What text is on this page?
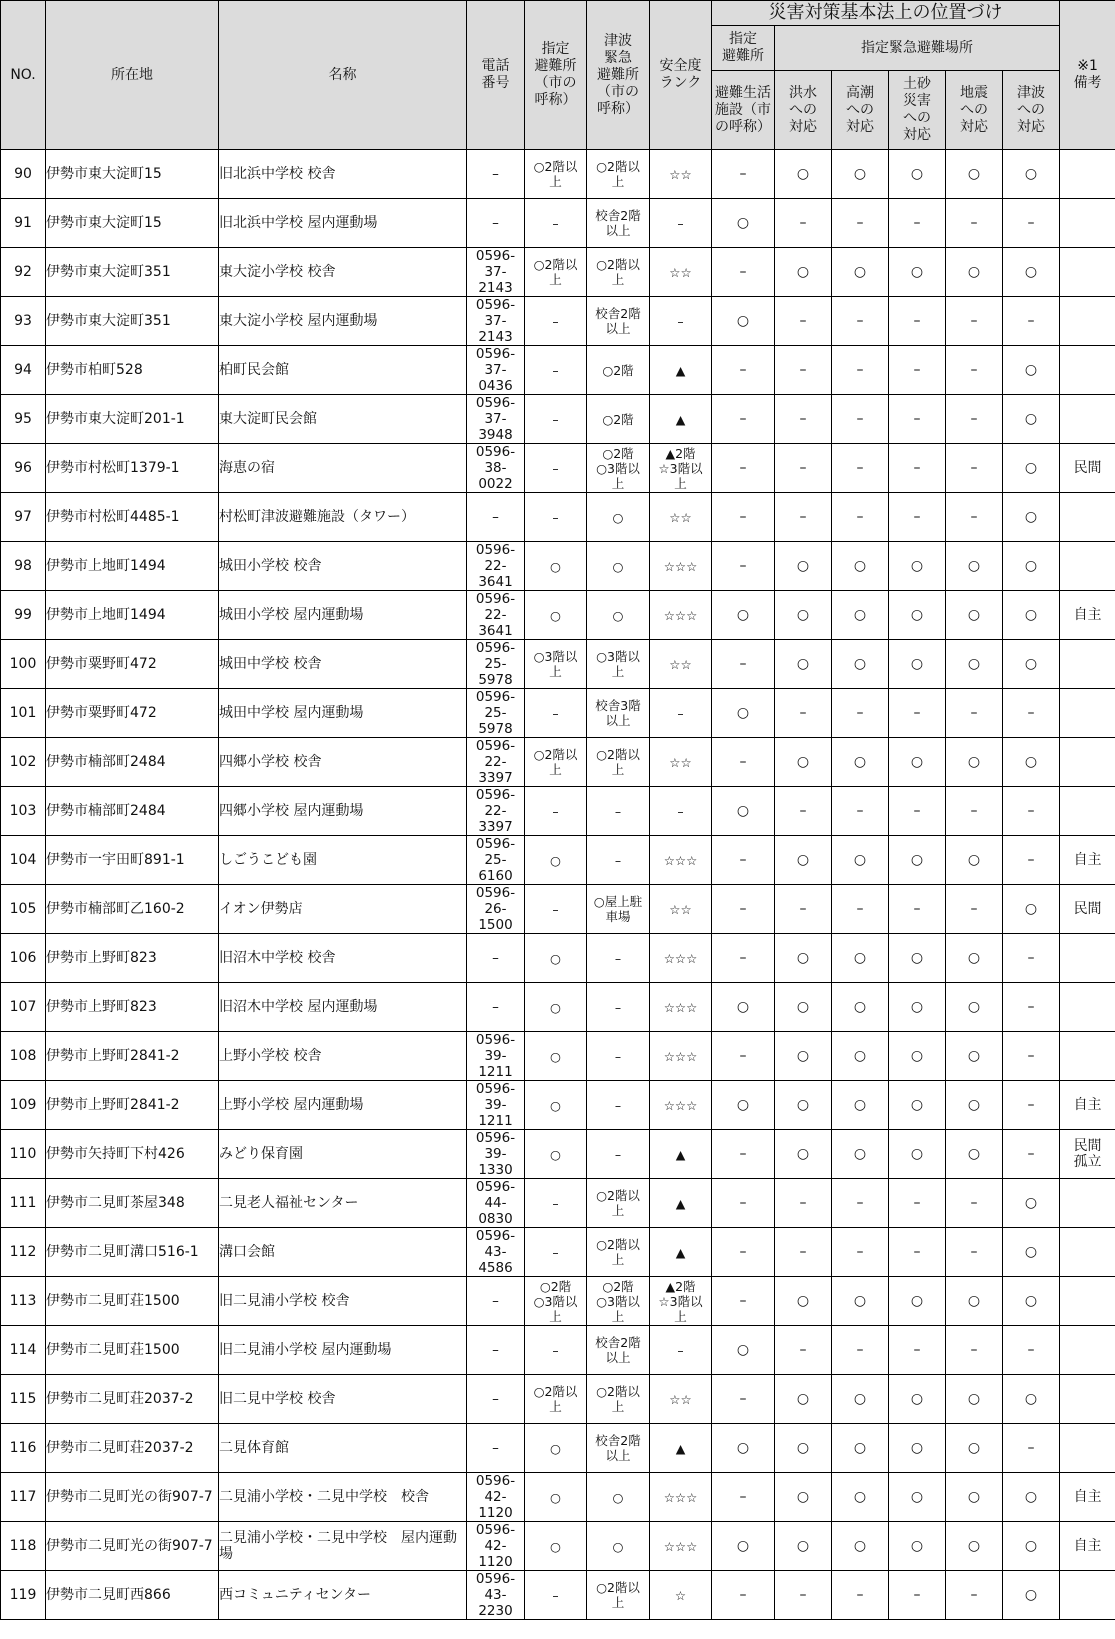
NO.	所在地	名称	電話
番号	指定
避難所
（市の
呼称）	津波
緊急
避難所
（市の
呼称）	安全度
ランク	災害対策基本法上の位置づけ						※1
備考

							指定
避難所	指定緊急避難場所					

							避難生活
施設（市
の呼称）	洪水
への
対応	高潮
への
対応	土砂
災害
への
対応	地震
への
対応	津波
への
対応	

90	伊勢市東大淀町15	旧北浜中学校 校舎	–	○2階以
上	○2階以
上	☆☆	–	○	○	○	○	○	
91	伊勢市東大淀町15	旧北浜中学校 屋内運動場	–	–	校舎2階
以上	–	○	–	–	–	–	–	
92	伊勢市東大淀町351	東大淀小学校 校舎	0596-
37-
2143	○2階以
上	○2階以
上	☆☆	–	○	○	○	○	○	
93	伊勢市東大淀町351	東大淀小学校 屋内運動場	0596-
37-
2143	–	校舎2階
以上	–	○	–	–	–	–	–	
94	伊勢市柏町528	柏町民会館	0596-
37-
0436	–	○2階	▲	–	–	–	–	–	○	
95	伊勢市東大淀町201-1	東大淀町民会館	0596-
37-
3948	–	○2階	▲	–	–	–	–	–	○	
96	伊勢市村松町1379-1	海恵の宿	0596-
38-
0022	–	○2階
○3階以
上	▲2階
☆3階以
上	–	–	–	–	–	○	民間

97	伊勢市村松町4485-1	村松町津波避難施設（タワー）	–	–	○	☆☆	–	–	–	–	–	○	
98	伊勢市上地町1494	城田小学校 校舎	0596-
22-
3641	○	○	☆☆☆	–	○	○	○	○	○	
99	伊勢市上地町1494	城田小学校 屋内運動場	0596-
22-
3641	○	○	☆☆☆	○	○	○	○	○	○	自主

100	伊勢市粟野町472	城田中学校 校舎	0596-
25-
5978	○3階以
上	○3階以
上	☆☆	–	○	○	○	○	○	
101	伊勢市粟野町472	城田中学校 屋内運動場	0596-
25-
5978	–	校舎3階
以上	–	○	–	–	–	–	–	
102	伊勢市楠部町2484	四郷小学校 校舎	0596-
22-
3397	○2階以
上	○2階以
上	☆☆	–	○	○	○	○	○	
103	伊勢市楠部町2484	四郷小学校 屋内運動場	0596-
22-
3397	–	–	–	○	–	–	–	–	–	
104	伊勢市一宇田町891-1	しごうこども園	0596-
25-
6160	○	–	☆☆☆	–	○	○	○	○	–	自主

105	伊勢市楠部町乙160-2	イオン伊勢店	0596-
26-
1500	–	○屋上駐
車場	☆☆	–	–	–	–	–	○	民間

106	伊勢市上野町823	旧沼木中学校 校舎	–	○	–	☆☆☆	–	○	○	○	○	–	
107	伊勢市上野町823	旧沼木中学校 屋内運動場	–	○	–	☆☆☆	○	○	○	○	○	–	
108	伊勢市上野町2841-2	上野小学校 校舎	0596-
39-
1211	○	–	☆☆☆	–	○	○	○	○	–	
109	伊勢市上野町2841-2	上野小学校 屋内運動場	0596-
39-
1211	○	–	☆☆☆	○	○	○	○	○	–	自主

110	伊勢市矢持町下村426	みどり保育園	0596-
39-
1330	○	–	▲	–	○	○	○	○	–	民間
孤立

111	伊勢市二見町茶屋348	二見老人福祉センター	0596-
44-
0830	–	○2階以
上	▲	–	–	–	–	–	○	
112	伊勢市二見町溝口516-1	溝口会館	0596-
43-
4586	–	○2階以
上	▲	–	–	–	–	–	○	
113	伊勢市二見町荘1500	旧二見浦小学校 校舎	–	○2階
○3階以
上	○2階
○3階以
上	▲2階
☆3階以
上	–	○	○	○	○	○	
114	伊勢市二見町荘1500	旧二見浦小学校 屋内運動場	–	–	校舎2階
以上	–	○	–	–	–	–	–	
115	伊勢市二見町荘2037-2	旧二見中学校 校舎	–	○2階以
上	○2階以
上	☆☆	–	○	○	○	○	○	
116	伊勢市二見町荘2037-2	二見体育館	–	○	校舎2階
以上	▲	○	○	○	○	○	–	
117	伊勢市二見町光の街907-7	二見浦小学校・二見中学校　校舎	0596-
42-
1120	○	○	☆☆☆	–	○	○	○	○	○	自主

118	伊勢市二見町光の街907-7	二見浦小学校・二見中学校　屋内運動場	0596-
42-
1120	○	○	☆☆☆	○	○	○	○	○	○	自主

119	伊勢市二見町西866	西コミュニティセンター	0596-
43-
2230	–	○2階以
上	☆	–	–	–	–	–	○	
